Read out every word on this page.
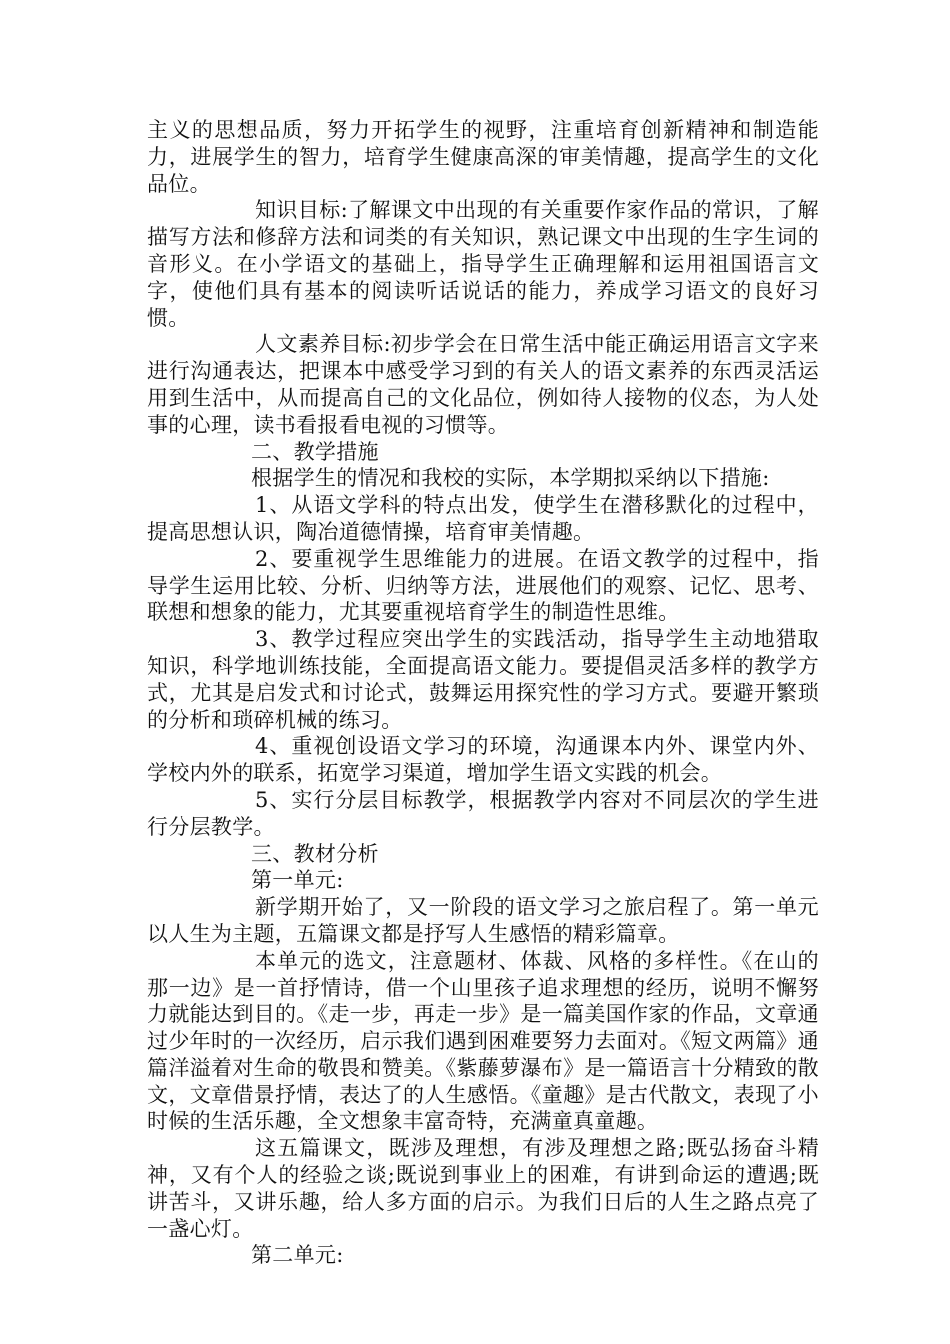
主义的思想品质，努力开拓学生的视野，注重培育创新精神和制造能力，进展学生的智力，培育学生健康高深的审美情趣，提高学生的文化品位。

知识目标:了解课文中出现的有关重要作家作品的常识，了解描写方法和修辞方法和词类的有关知识，熟记课文中出现的生字生词的音形义。在小学语文的基础上，指导学生正确理解和运用祖国语言文字，使他们具有基本的阅读听话说话的能力，养成学习语文的良好习惯。

人文素养目标:初步学会在日常生活中能正确运用语言文字来进行沟通表达，把课本中感受学习到的有关人的语文素养的东西灵活运用到生活中，从而提高自己的文化品位，例如待人接物的仪态，为人处事的心理，读书看报看电视的习惯等。

二、教学措施

根据学生的情况和我校的实际，本学期拟采纳以下措施:

1、从语文学科的特点出发，使学生在潜移默化的过程中，提高思想认识，陶冶道德情操，培育审美情趣。

2、要重视学生思维能力的进展。在语文教学的过程中，指导学生运用比较、分析、归纳等方法，进展他们的观察、记忆、思考、联想和想象的能力，尤其要重视培育学生的制造性思维。

3、教学过程应突出学生的实践活动，指导学生主动地猎取知识，科学地训练技能，全面提高语文能力。要提倡灵活多样的教学方式，尤其是启发式和讨论式，鼓舞运用探究性的学习方式。要避开繁琐的分析和琐碎机械的练习。

4、重视创设语文学习的环境，沟通课本内外、课堂内外、学校内外的联系，拓宽学习渠道，增加学生语文实践的机会。

5、实行分层目标教学，根据教学内容对不同层次的学生进行分层教学。

三、教材分析

第一单元:

新学期开始了，又一阶段的语文学习之旅启程了。第一单元以人生为主题，五篇课文都是抒写人生感悟的精彩篇章。

本单元的选文，注意题材、体裁、风格的多样性。《在山的那一边》是一首抒情诗，借一个山里孩子追求理想的经历，说明不懈努力就能达到目的。《走一步，再走一步》是一篇美国作家的作品，文章通过少年时的一次经历，启示我们遇到困难要努力去面对。《短文两篇》通篇洋溢着对生命的敬畏和赞美。《紫藤萝瀑布》是一篇语言十分精致的散文，文章借景抒情，表达了的人生感悟。《童趣》是古代散文，表现了小时候的生活乐趣，全文想象丰富奇特，充满童真童趣。

这五篇课文，既涉及理想，有涉及理想之路;既弘扬奋斗精神，又有个人的经验之谈;既说到事业上的困难，有讲到命运的遭遇;既讲苦斗，又讲乐趣，给人多方面的启示。为我们日后的人生之路点亮了一盏心灯。

第二单元:
